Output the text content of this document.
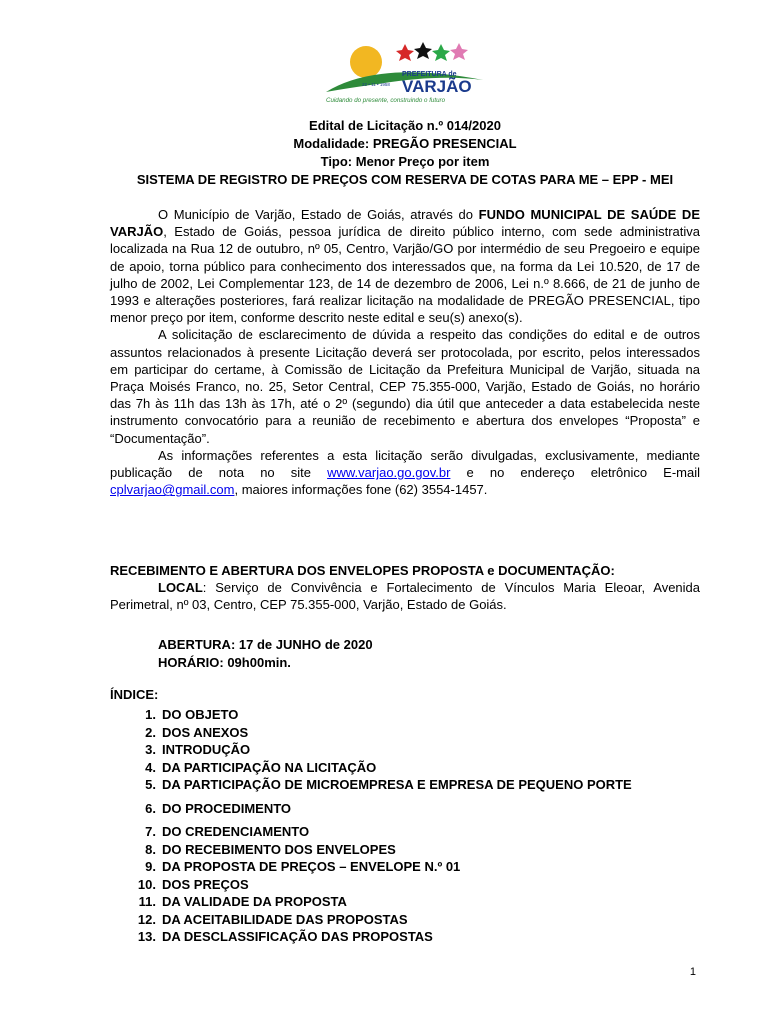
PREFEITURA de
VARJÃO
22 • 11 • 1958
Cuidando do presente, construindo o futuro
Edital de Licitação n.º 014/2020
Modalidade: PREGÃO PRESENCIAL
Tipo: Menor Preço por item
SISTEMA DE REGISTRO DE PREÇOS COM RESERVA DE COTAS PARA ME – EPP - MEI

O Município de Varjão, Estado de Goiás, através do FUNDO MUNICIPAL DE SAÚDE DE VARJÃO, Estado de Goiás, pessoa jurídica de direito público interno, com sede administrativa localizada na Rua 12 de outubro, nº 05, Centro, Varjão/GO por intermédio de seu Pregoeiro e equipe de apoio, torna público para conhecimento dos interessados que, na forma da Lei 10.520, de 17 de julho de 2002, Lei Complementar 123, de 14 de dezembro de 2006, Lei n.º 8.666, de 21 de junho de 1993 e alterações posteriores, fará realizar licitação na modalidade de PREGÃO PRESENCIAL, tipo menor preço por item, conforme descrito neste edital e seu(s) anexo(s).

A solicitação de esclarecimento de dúvida a respeito das condições do edital e de outros assuntos relacionados à presente Licitação deverá ser protocolada, por escrito, pelos interessados em participar do certame, à Comissão de Licitação da Prefeitura Municipal de Varjão, situada na Praça Moisés Franco, no. 25, Setor Central, CEP 75.355-000, Varjão, Estado de Goiás, no horário das 7h às 11h das 13h às 17h, até o 2º (segundo) dia útil que anteceder a data estabelecida neste instrumento convocatório para a reunião de recebimento e abertura dos envelopes “Proposta” e “Documentação”.

As informações referentes a esta licitação serão divulgadas, exclusivamente, mediante publicação de nota no site www.varjao.go.gov.br e no endereço eletrônico E-mail cplvarjao@gmail.com, maiores informações fone (62) 3554-1457.

RECEBIMENTO E ABERTURA DOS ENVELOPES PROPOSTA e DOCUMENTAÇÃO:

LOCAL: Serviço de Convivência e Fortalecimento de Vínculos Maria Eleoar, Avenida Perimetral, nº 03, Centro, CEP 75.355-000, Varjão, Estado de Goiás.

ABERTURA: 17 de JUNHO de 2020
HORÁRIO: 09h00min.
ÍNDICE:
1. DO OBJETO
2. DOS ANEXOS
3. INTRODUÇÃO
4. DA PARTICIPAÇÃO NA LICITAÇÃO
5. DA PARTICIPAÇÃO DE MICROEMPRESA E EMPRESA DE PEQUENO PORTE
6. DO PROCEDIMENTO
7. DO CREDENCIAMENTO
8. DO RECEBIMENTO DOS ENVELOPES
9. DA PROPOSTA DE PREÇOS – ENVELOPE N.º 01
10. DOS PREÇOS
11. DA VALIDADE DA PROPOSTA
12. DA ACEITABILIDADE DAS PROPOSTAS
13. DA DESCLASSIFICAÇÃO DAS PROPOSTAS
1
